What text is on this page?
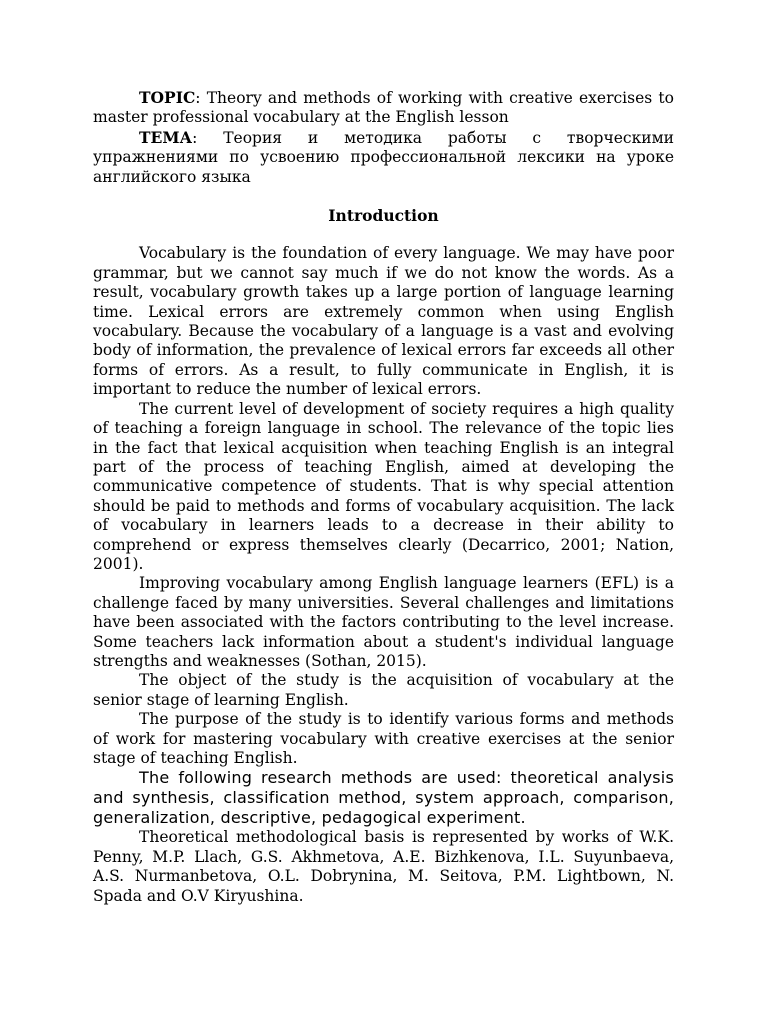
TOPIC: Theory and methods of working with creative exercises to master professional vocabulary at the English lesson

ТЕМА: Теория и методика работы с творческими упражнениями по усвоению профессиональной лексики на уроке английского языка

Introduction

Vocabulary is the foundation of every language. We may have poor grammar, but we cannot say much if we do not know the words. As a result, vocabulary growth takes up a large portion of language learning time. Lexical errors are extremely common when using English vocabulary. Because the vocabulary of a language is a vast and evolving body of information, the prevalence of lexical errors far exceeds all other forms of errors. As a result, to fully communicate in English, it is important to reduce the number of lexical errors.

The current level of development of society requires a high quality of teaching a foreign language in school. The relevance of the topic lies in the fact that lexical acquisition when teaching English is an integral part of the process of teaching English, aimed at developing the communicative competence of students. That is why special attention should be paid to methods and forms of vocabulary acquisition. The lack of vocabulary in learners leads to a decrease in their ability to comprehend or express themselves clearly (Decarrico, 2001; Nation, 2001).

Improving vocabulary among English language learners (EFL) is a challenge faced by many universities. Several challenges and limitations have been associated with the factors contributing to the level increase. Some teachers lack information about a student's individual language strengths and weaknesses (Sothan, 2015).

The object of the study is the acquisition of vocabulary at the senior stage of learning English.

The purpose of the study is to identify various forms and methods of work for mastering vocabulary with creative exercises at the senior stage of teaching English.

The following research methods are used: theoretical analysis and synthesis, classification method, system approach, comparison, generalization, descriptive, pedagogical experiment.

Theoretical methodological basis is represented by works of W.K. Penny, M.P. Llach, G.S. Akhmetova, A.E. Bizhkenova, I.L. Suyunbaeva, A.S. Nurmanbetova, O.L. Dobrynina, M. Seitova, P.M. Lightbown, N. Spada and O.V Kiryushina.
